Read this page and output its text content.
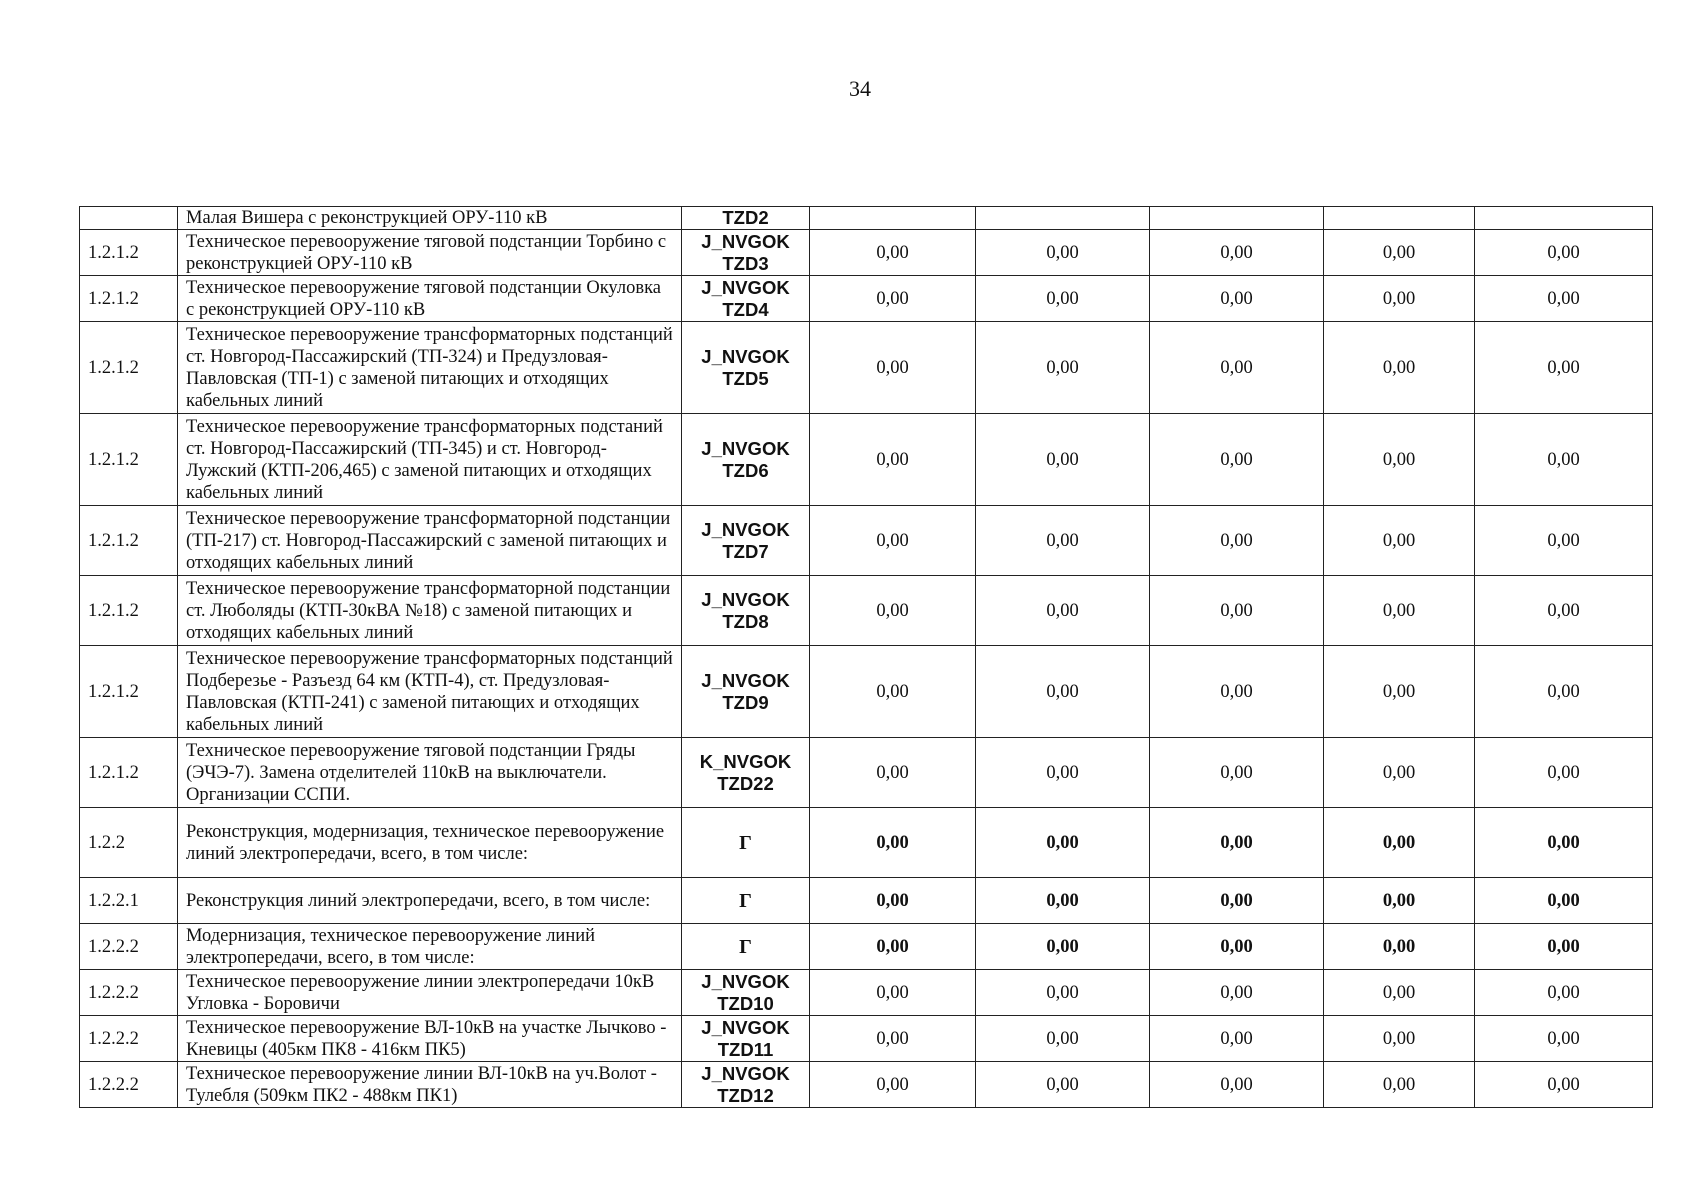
34
	Малая Вишера с реконструкцией ОРУ-110 кВ	TZD2					
1.2.1.2	Техническое перевооружение тяговой подстанции Торбино с реконструкцией ОРУ-110 кВ	J_NVGOK TZD3	0,00	0,00	0,00	0,00	0,00
1.2.1.2	Техническое перевооружение тяговой подстанции Окуловка с реконструкцией ОРУ-110 кВ	J_NVGOK TZD4	0,00	0,00	0,00	0,00	0,00
1.2.1.2	Техническое перевооружение трансформаторных подстанций ст. Новгород-Пассажирский (ТП-324) и Предузловая-Павловская (ТП-1) с заменой питающих и отходящих кабельных линий	J_NVGOK TZD5	0,00	0,00	0,00	0,00	0,00
1.2.1.2	Техническое перевооружение трансформаторных подстаний ст. Новгород-Пассажирский (ТП-345) и ст. Новгород-Лужский (КТП-206,465) с заменой питающих и отходящих кабельных линий	J_NVGOK TZD6	0,00	0,00	0,00	0,00	0,00
1.2.1.2	Техническое перевооружение трансформаторной подстанции (ТП-217) ст. Новгород-Пассажирский с заменой питающих и отходящих кабельных линий	J_NVGOK TZD7	0,00	0,00	0,00	0,00	0,00
1.2.1.2	Техническое перевооружение трансформаторной подстанции ст. Люболяды (КТП-30кВА №18) с заменой питающих и отходящих кабельных линий	J_NVGOK TZD8	0,00	0,00	0,00	0,00	0,00
1.2.1.2	Техническое перевооружение трансформаторных подстанций Подберезье - Разъезд 64 км (КТП-4), ст. Предузловая-Павловская (КТП-241) с заменой питающих и отходящих кабельных линий	J_NVGOK TZD9	0,00	0,00	0,00	0,00	0,00
1.2.1.2	Техническое перевооружение тяговой подстанции Гряды (ЭЧЭ-7). Замена отделителей 110кВ на выключатели. Организации ССПИ.	K_NVGOK TZD22	0,00	0,00	0,00	0,00	0,00
1.2.2	Реконструкция, модернизация, техническое перевооружение линий электропередачи, всего, в том числе:	Г	0,00	0,00	0,00	0,00	0,00
1.2.2.1	Реконструкция линий электропередачи, всего, в том числе:	Г	0,00	0,00	0,00	0,00	0,00
1.2.2.2	Модернизация, техническое перевооружение линий электропередачи, всего, в том числе:	Г	0,00	0,00	0,00	0,00	0,00
1.2.2.2	Техническое перевооружение линии электропередачи 10кВ Угловка - Боровичи	J_NVGOK TZD10	0,00	0,00	0,00	0,00	0,00
1.2.2.2	Техническое перевооружение ВЛ-10кВ на участке Лычково - Кневицы (405км ПК8 - 416км ПК5)	J_NVGOK TZD11	0,00	0,00	0,00	0,00	0,00
1.2.2.2	Техническое перевооружение линии ВЛ-10кВ на уч.Волот - Тулебля (509км ПК2 - 488км ПК1)	J_NVGOK TZD12	0,00	0,00	0,00	0,00	0,00
